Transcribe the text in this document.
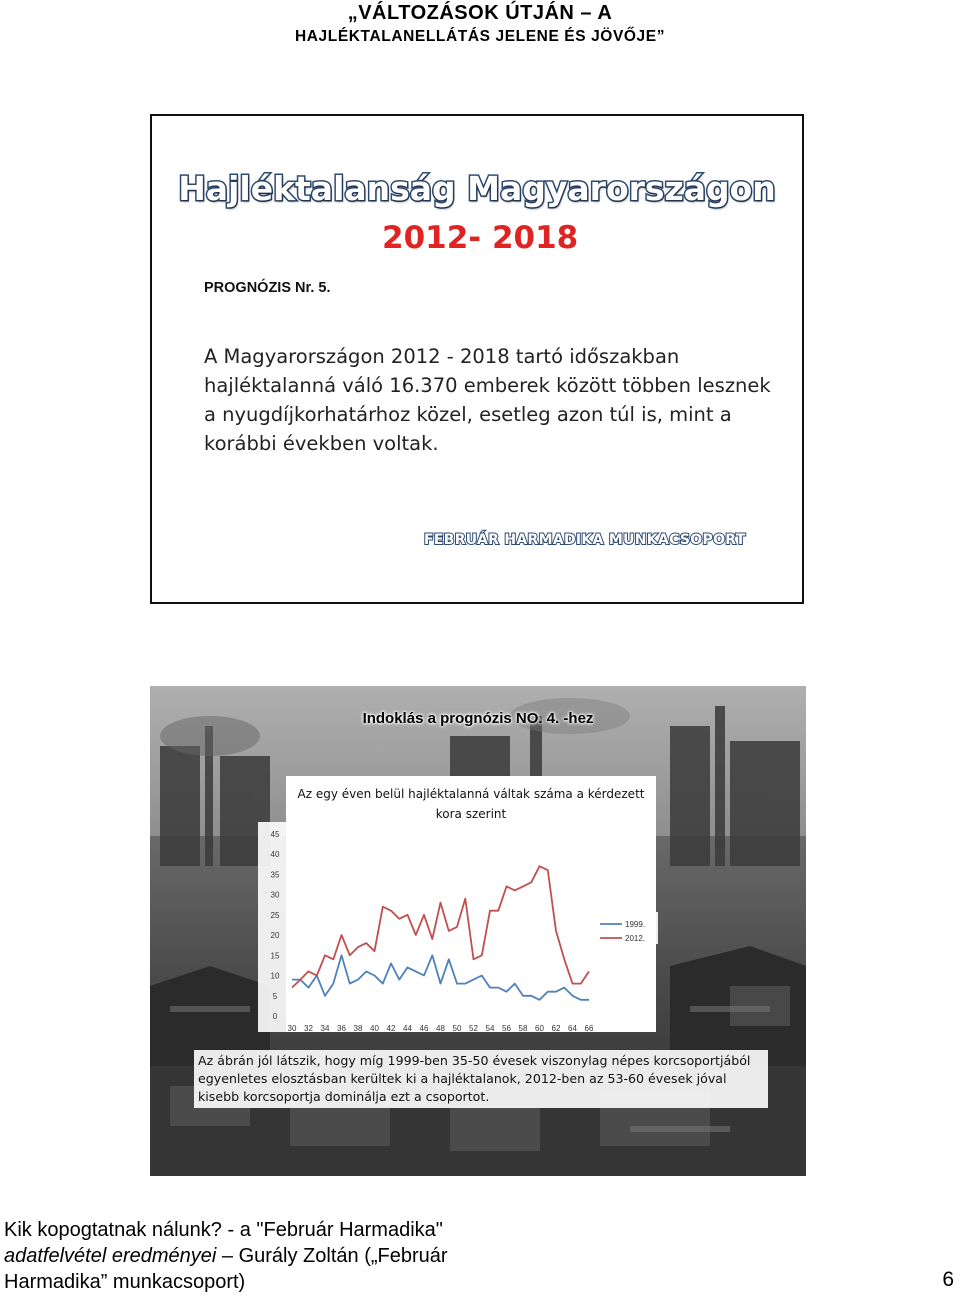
„VÁLTOZÁSOK ÚTJÁN – A
HAJLÉKTALANELLÁTÁS JELENE ÉS JÖVŐJE”
Hajléktalanság Magyarországon
2012- 2018
PROGNÓZIS Nr. 5.
A Magyarországon 2012 - 2018 tartó időszakban hajléktalanná váló 16.370 emberek között többen lesznek a nyugdíjkorhatárhoz közel, esetleg azon túl is, mint a korábbi években voltak.
FEBRUÁR HARMADIKA MUNKACSOPORT
Indoklás a prognózis NO. 4. -hez
Az egy éven belül hajléktalanná váltak száma a kérdezett kora szerint
0
5
10
15
20
25
30
35
40
45
30 32 34 36 38 40 42 44 46 48 50 52 54 56 58 60 62 64 66
1999.
2012.
Az ábrán jól látszik, hogy míg 1999-ben 35-50 évesek viszonylag népes korcsoportjából egyenletes elosztásban kerültek ki a hajléktalanok, 2012-ben az 53-60 évesek jóval kisebb korcsoportja dominálja ezt a csoportot.
Kik kopogtatnak nálunk? - a "Február Harmadika"
adatfelvétel eredményei – Gurály Zoltán („Február
Harmadika” munkacsoport)	6
